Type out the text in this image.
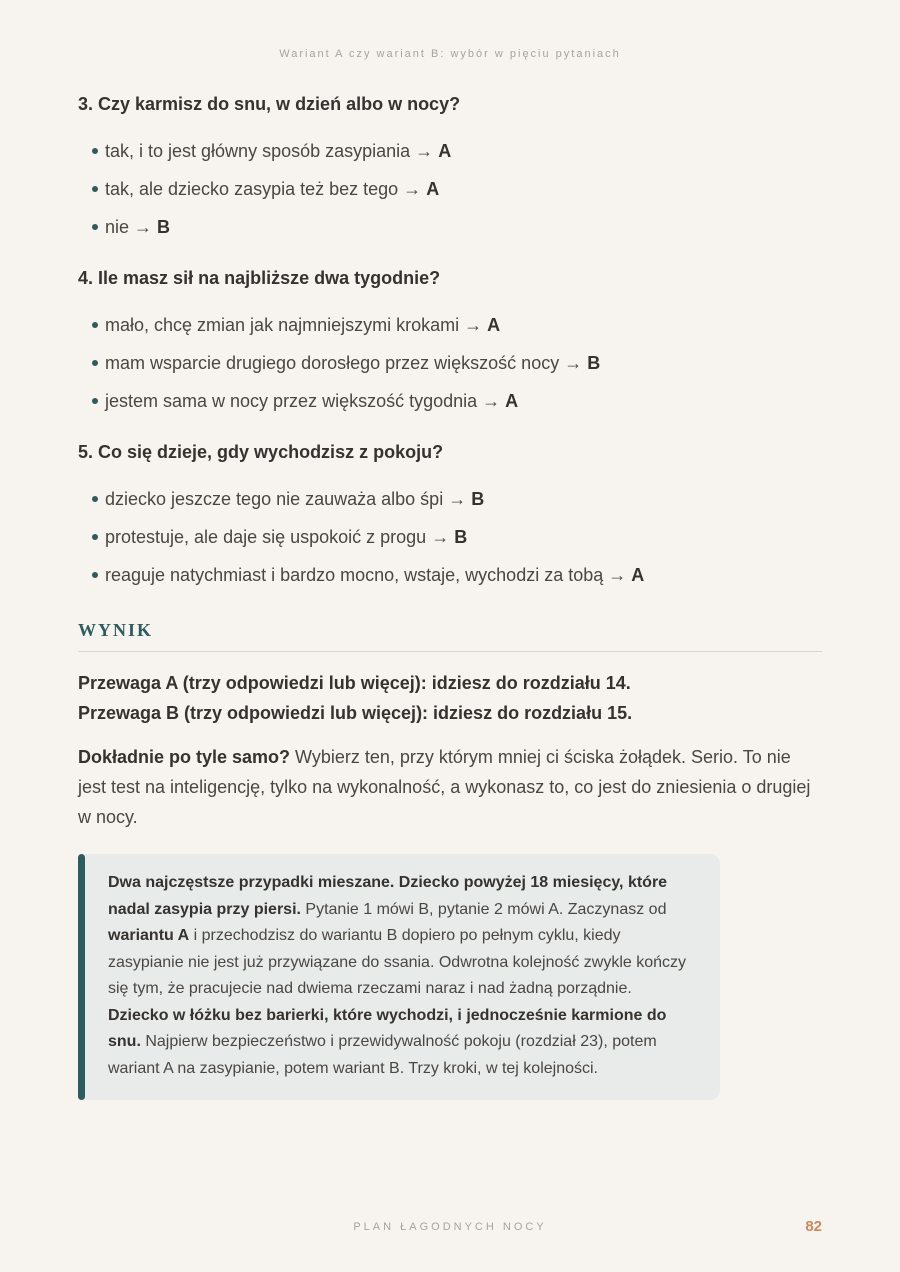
Wariant A czy wariant B: wybór w pięciu pytaniach
3. Czy karmisz do snu, w dzień albo w nocy?
tak, i to jest główny sposób zasypiania → A
tak, ale dziecko zasypia też bez tego → A
nie → B
4. Ile masz sił na najbliższe dwa tygodnie?
mało, chcę zmian jak najmniejszymi krokami → A
mam wsparcie drugiego dorosłego przez większość nocy → B
jestem sama w nocy przez większość tygodnia → A
5. Co się dzieje, gdy wychodzisz z pokoju?
dziecko jeszcze tego nie zauważa albo śpi → B
protestuje, ale daje się uspokoić z progu → B
reaguje natychmiast i bardzo mocno, wstaje, wychodzi za tobą → A
WYNIK
Przewaga A (trzy odpowiedzi lub więcej): idziesz do rozdziału 14.
Przewaga B (trzy odpowiedzi lub więcej): idziesz do rozdziału 15.

Dokładnie po tyle samo? Wybierz ten, przy którym mniej ci ściska żołądek. Serio. To nie jest test na inteligencję, tylko na wykonalność, a wykonasz to, co jest do zniesienia o drugiej w nocy.

Dwa najczęstsze przypadki mieszane. Dziecko powyżej 18 miesięcy, które nadal zasypia przy piersi. Pytanie 1 mówi B, pytanie 2 mówi A. Zaczynasz od wariantu A i przechodzisz do wariantu B dopiero po pełnym cyklu, kiedy zasypianie nie jest już przywiązane do ssania. Odwrotna kolejność zwykle kończy się tym, że pracujecie nad dwiema rzeczami naraz i nad żadną porządnie. Dziecko w łóżku bez barierki, które wychodzi, i jednocześnie karmione do snu. Najpierw bezpieczeństwo i przewidywalność pokoju (rozdział 23), potem wariant A na zasypianie, potem wariant B. Trzy kroki, w tej kolejności.
PLAN ŁAGODNYCH NOCY	82
